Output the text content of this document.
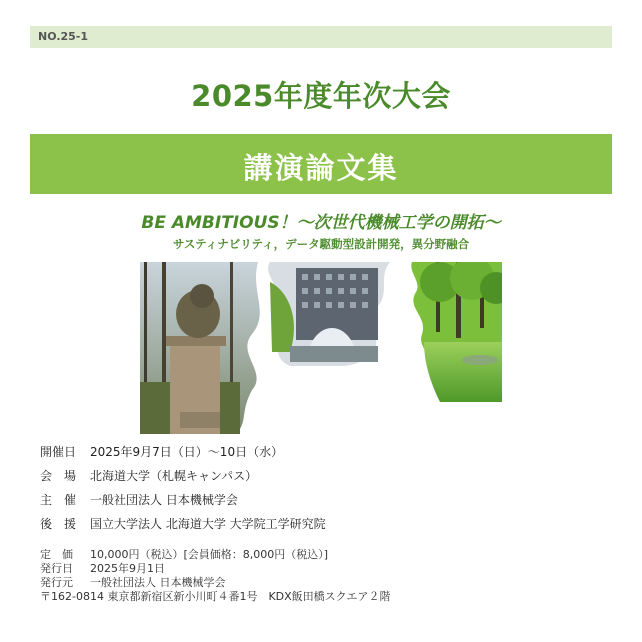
NO.25-1
2025年度年次大会
講演論文集
BE AMBITIOUS！〜次世代機械工学の開拓〜
サスティナビリティ，データ駆動型設計開発，異分野融合
開催日 2025年9月7日（日）〜10日（水）
会　場 北海道大学（札幌キャンパス）
主　催 一般社団法人 日本機械学会
後　援 国立大学法人 北海道大学 大学院工学研究院
定　価 10,000円（税込）[会員価格：8,000円（税込）]
発行日 2025年9月1日
発行元 一般社団法人 日本機械学会
〒162-0814 東京都新宿区新小川町４番1号　KDX飯田橋スクエア２階
